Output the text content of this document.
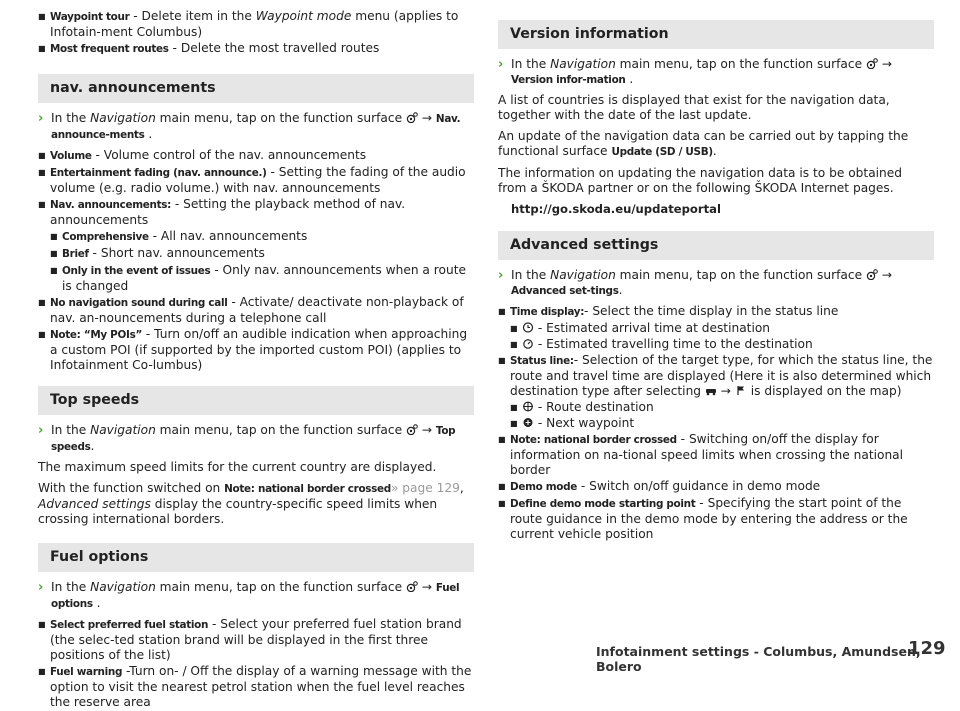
■ Waypoint tour - Delete item in the Waypoint mode menu (applies to Infotain-ment Columbus)
■ Most frequent routes - Delete the most travelled routes
nav. announcements
› In the Navigation main menu, tap on the function surface  → Nav. announce-ments .
■ Volume - Volume control of the nav. announcements
■ Entertainment fading (nav. announce.) - Setting the fading of the audio volume (e.g. radio volume.) with nav. announcements
■ Nav. announcements: - Setting the playback method of nav. announcements
■ Comprehensive - All nav. announcements
■ Brief - Short nav. announcements
■ Only in the event of issues - Only nav. announcements when a route is changed
■ No navigation sound during call - Activate/ deactivate non-playback of nav. an-nouncements during a telephone call
■ Note: “My POIs” - Turn on/off an audible indication when approaching a custom POI (if supported by the imported custom POI) (applies to Infotainment Co-lumbus)
Top speeds
› In the Navigation main menu, tap on the function surface  → Top speeds.

The maximum speed limits for the current country are displayed.

With the function switched on Note: national border crossed» page 129, Advanced settings display the country-specific speed limits when crossing international borders.

Fuel options
› In the Navigation main menu, tap on the function surface  → Fuel options .
■ Select preferred fuel station - Select your preferred fuel station brand (the selec-ted station brand will be displayed in the first three positions of the list)
■ Fuel warning -Turn on- / Off the display of a warning message with the option to visit the nearest petrol station when the fuel level reaches the reserve area
Version information
› In the Navigation main menu, tap on the function surface  → Version infor-mation .

A list of countries is displayed that exist for the navigation data, together with the date of the last update.

An update of the navigation data can be carried out by tapping the functional surface Update (SD / USB).

The information on updating the navigation data is to be obtained from a ŠKODA partner or on the following ŠKODA Internet pages.

http://go.skoda.eu/updateportal
Advanced settings
› In the Navigation main menu, tap on the function surface  → Advanced set-tings.
■ Time display:- Select the time display in the status line
■ - Estimated arrival time at destination
■ - Estimated travelling time to the destination
■ Status line:- Selection of the target type, for which the status line, the route and travel time are displayed (Here it is also determined which destination type after selecting  →  is displayed on the map)
■ - Route destination
■ - Next waypoint
■ Note: national border crossed - Switching on/off the display for information on na-tional speed limits when crossing the national border
■ Demo mode - Switch on/off guidance in demo mode
■ Define demo mode starting point - Specifying the start point of the route guidance in the demo mode by entering the address or the current vehicle position
Infotainment settings - Columbus, Amundsen, Bolero
129
